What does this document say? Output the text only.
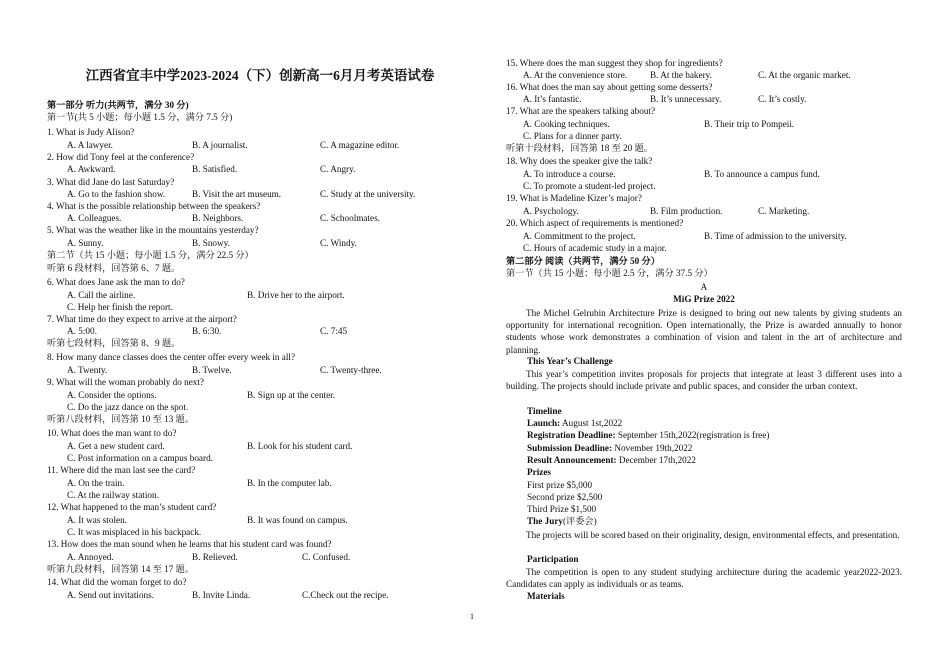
江西省宜丰中学2023-2024（下）创新高一6月月考英语试卷
第一部分 听力(共两节，满分 30 分)
第一节(共 5 小题；每小题 1.5 分，满分 7.5 分)
1. What is Judy Alison?
A. A lawyer.	B. A journalist.	C. A magazine editor.
2. How did Tony feel at the conference?
A. Awkward.	B. Satisfied.	C. Angry.
3. What did Jane do last Saturday?
A. Go to the fashion show.	B. Visit the art museum.	C. Study at the university.
4. What is the possible relationship between the speakers?
A. Colleagues.	B. Neighbors.	C. Schoolmates.
5. What was the weather like in the mountains yesterday?
A. Sunny.	B. Snowy.	C. Windy.
第二节（共 15 小题；每小题 1.5 分，满分 22.5 分）
听第 6 段材料，回答第 6、7 题。
6. What does Jane ask the man to do?
A. Call the airline.	B. Drive her to the airport.
C. Help her finish the report.
7. What time do they expect to arrive at the airport?
A. 5:00.	B. 6:30.	C. 7:45
听第七段材料，回答第 8、9 题。
8. How many dance classes does the center offer every week in all?
A. Twenty.	B. Twelve.	C. Twenty-three.
9. What will the woman probably do next?
A. Consider the options.	B. Sign up at the center.
C. Do the jazz dance on the spot.
听第八段材料，回答第 10 至 13 题。
10. What does the man want to do?
A. Get a new student card.	B. Look for his student card.
C. Post information on a campus board.
11. Where did the man last see the card?
A. On the train.	B. In the computer lab.
C. At the railway station.
12. What happened to the man’s student card?
A. It was stolen.	B. It was found on campus.
C. It was misplaced in his backpack.
13. How does the man sound when he learns that his student card was found?
A. Annoyed.	B. Relieved.	C. Confused.
听第九段材料，回答第 14 至 17 题。
14. What did the woman forget to do?
A. Send out invitations.	B. Invite Linda.	C.Check out the recipe.
15. Where does the man suggest they shop for ingredients?
A. At the convenience store. B. At the bakery.	C. At the organic market.
16. What does the man say about getting some desserts?
A. It’s fantastic.	B. It’s unnecessary.	C. It’s costly.
17. What are the speakers talking about?
A. Cooking techniques.	B. Their trip to Pompeii.
C. Plans for a dinner party.
听第十段材料，回答第 18 至 20 题。
18. Why does the speaker give the talk?
A. To introduce a course.	B. To announce a campus fund.
C. To promote a student-led project.
19. What is Madeline Kizer’s major?
A. Psychology.	B. Film production.	C. Marketing.
20. Which aspect of requirements is mentioned?
A. Commitment to the project.	B. Time of admission to the university.
C. Hours of academic study in a major.
第二部分 阅读（共两节，满分 50 分）
第一节（共 15 小题；每小题 2.5 分，满分 37.5 分）
A
MiG Prize 2022
The Michel Gelrubin Architecture Prize is designed to bring out new talents by giving students an opportunity for international recognition. Open internationally, the Prize is awarded annually to honor students whose work demonstrates a combination of vision and talent in the art of architecture and planning.
This Year’s Challenge
This year’s competition invites proposals for projects that integrate at least 3 different uses into a building. The projects should include private and public spaces, and consider the urban context.
Timeline
Launch: August 1st,2022
Registration Deadline: September 15th,2022(registration is free)
Submission Deadline: November 19th,2022
Result Announcement: December 17th,2022
Prizes
First prize $5,000
Second prize $2,500
Third Prize $1,500
The Jury(评委会)
The projects will be scored based on their originality, design, environmental effects, and presentation.
Participation
The competition is open to any student studying architecture during the academic year2022-2023. Candidates can apply as individuals or as teams.
Materials
1
